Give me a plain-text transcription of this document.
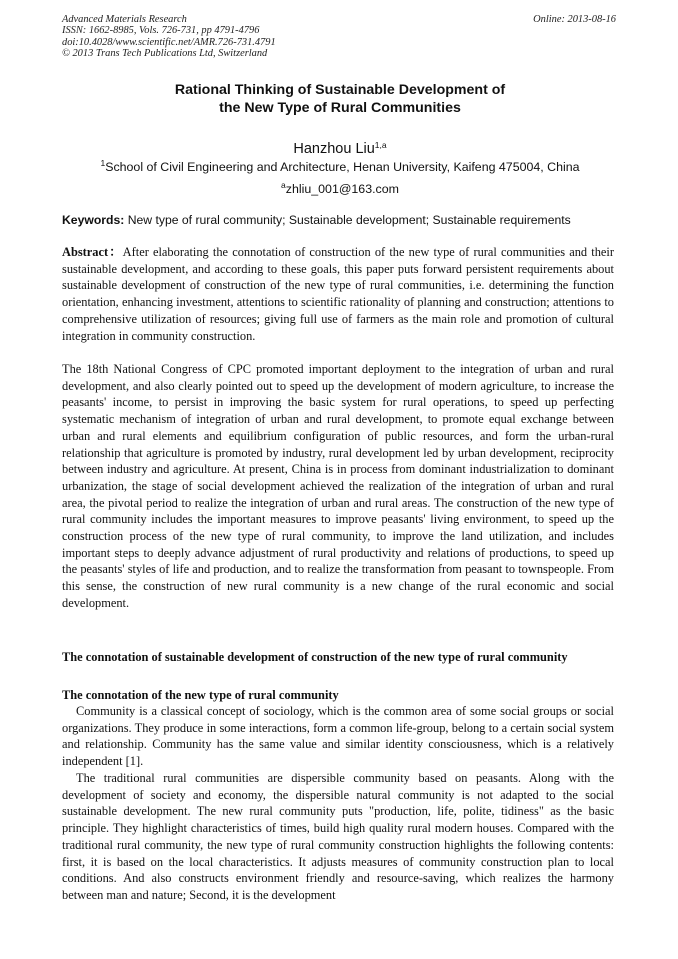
Advanced Materials Research
ISSN: 1662-8985, Vols. 726-731, pp 4791-4796
doi:10.4028/www.scientific.net/AMR.726-731.4791
© 2013 Trans Tech Publications Ltd, Switzerland
Online: 2013-08-16
Rational Thinking of Sustainable Development of
the New Type of Rural Communities
Hanzhou Liu$^{1,a}$
$^1$School of Civil Engineering and Architecture, Henan University, Kaifeng 475004, China
$^a$zhliu_001@163.com
Keywords: New type of rural community; Sustainable development; Sustainable requirements
Abstract：After elaborating the connotation of construction of the new type of rural communities and their sustainable development, and according to these goals, this paper puts forward persistent requirements about sustainable development of construction of the new type of rural communities, i.e. determining the function orientation, enhancing investment, attentions to scientific rationality of planning and construction; attentions to comprehensive utilization of resources; giving full use of farmers as the main role and promotion of cultural integration in community construction.
The 18th National Congress of CPC promoted important deployment to the integration of urban and rural development, and also clearly pointed out to speed up the development of modern agriculture, to increase the peasants' income, to persist in improving the basic system for rural operations, to speed up perfecting systematic mechanism of integration of urban and rural development, to promote equal exchange between urban and rural elements and equilibrium configuration of public resources, and form the urban-rural relationship that agriculture is promoted by industry, rural development led by urban development, reciprocity between industry and agriculture. At present, China is in process from dominant industrialization to dominant urbanization, the stage of social development achieved the realization of the integration of urban and rural area, the pivotal period to realize the integration of urban and rural areas. The construction of the new type of rural community includes the important measures to improve peasants' living environment, to speed up the construction process of the new type of rural community, to improve the land utilization, and includes important steps to deeply advance adjustment of rural productivity and relations of productions, to speed up the peasants' styles of life and production, and to realize the transformation from peasant to townspeople. From this sense, the construction of new rural community is a new change of the rural economic and social development.
The connotation of sustainable development of construction of the new type of rural community
The connotation of the new type of rural community
Community is a classical concept of sociology, which is the common area of some social groups or social organizations. They produce in some interactions, form a common life-group, belong to a certain social system and relationship. Community has the same value and similar identity consciousness, which is a relatively independent [1].
The traditional rural communities are dispersible community based on peasants. Along with the development of society and economy, the dispersible natural community is not adapted to the social sustainable development. The new rural community puts "production, life, polite, tidiness" as the basic principle. They highlight characteristics of times, build high quality rural modern houses. Compared with the traditional rural community, the new type of rural community construction highlights the following contents: first, it is based on the local characteristics. It adjusts measures of community construction plan to local conditions. And also constructs environment friendly and resource-saving, which realizes the harmony between man and nature; Second, it is the development
